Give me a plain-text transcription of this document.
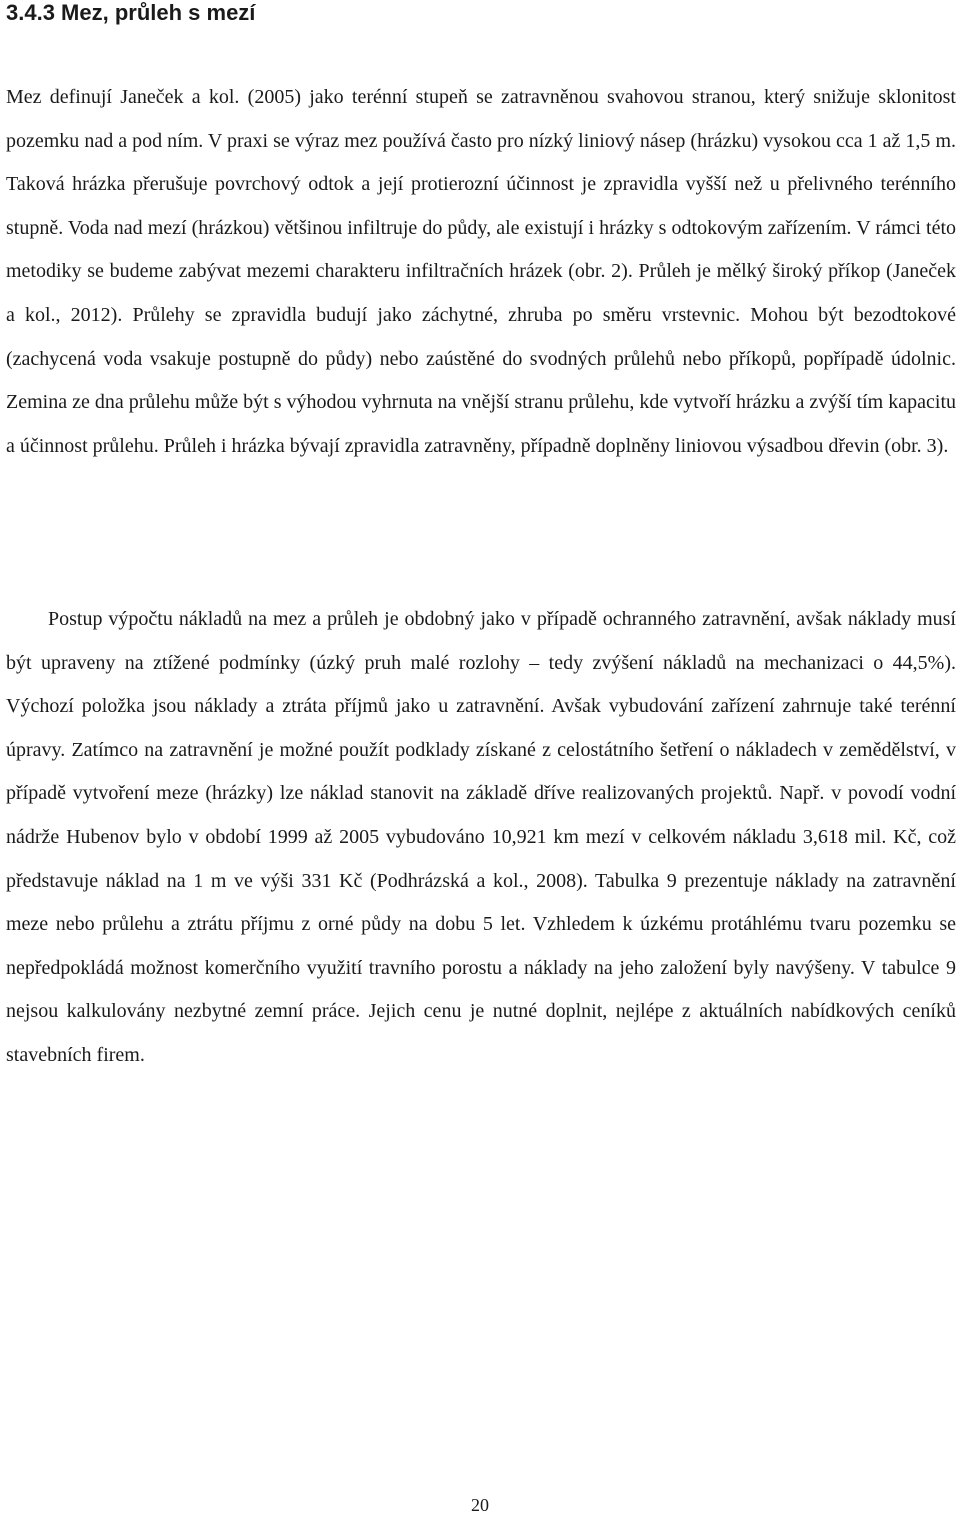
3.4.3 Mez, průleh s mezí

Mez definují Janeček a kol. (2005) jako terénní stupeň se zatravněnou svahovou stranou, který snižuje sklonitost pozemku nad a pod ním. V praxi se výraz mez používá často pro nízký liniový násep (hrázku) vysokou cca 1 až 1,5 m. Taková hrázka přerušuje povrchový odtok a její protierozní účinnost je zpravidla vyšší než u přelivného terénního stupně. Voda nad mezí (hrázkou) většinou infiltruje do půdy, ale existují i hrázky s odtokovým zařízením. V rámci této metodiky se budeme zabývat mezemi charakteru infiltračních hrázek (obr. 2). Průleh je mělký široký příkop (Janeček a kol., 2012). Průlehy se zpravidla budují jako záchytné, zhruba po směru vrstevnic. Mohou být bezodtokové (zachycená voda vsakuje postupně do půdy) nebo zaústěné do svodných průlehů nebo příkopů, popřípadě údolnic. Zemina ze dna průlehu může být s výhodou vyhrnuta na vnější stranu průlehu, kde vytvoří hrázku a zvýší tím kapacitu a účinnost průlehu. Průleh i hrázka bývají zpravidla zatravněny, případně doplněny liniovou výsadbou dřevin (obr. 3).

Postup výpočtu nákladů na mez a průleh je obdobný jako v případě ochranného zatravnění, avšak náklady musí být upraveny na ztížené podmínky (úzký pruh malé rozlohy – tedy zvýšení nákladů na mechanizaci o 44,5%). Výchozí položka jsou náklady a ztráta příjmů jako u zatravnění. Avšak vybudování zařízení zahrnuje také terénní úpravy. Zatímco na zatravnění je možné použít podklady získané z celostátního šetření o nákladech v zemědělství, v případě vytvoření meze (hrázky) lze náklad stanovit na základě dříve realizovaných projektů. Např. v povodí vodní nádrže Hubenov bylo v období 1999 až 2005 vybudováno 10,921 km mezí v celkovém nákladu 3,618 mil. Kč, což představuje náklad na 1 m ve výši 331 Kč (Podhrázská a kol., 2008). Tabulka 9 prezentuje náklady na zatravnění meze nebo průlehu a ztrátu příjmu z orné půdy na dobu 5 let. Vzhledem k úzkému protáhlému tvaru pozemku se nepředpokládá možnost komerčního využití travního porostu a náklady na jeho založení byly navýšeny. V tabulce 9 nejsou kalkulovány nezbytné zemní práce. Jejich cenu je nutné doplnit, nejlépe z aktuálních nabídkových ceníků stavebních firem.

20
